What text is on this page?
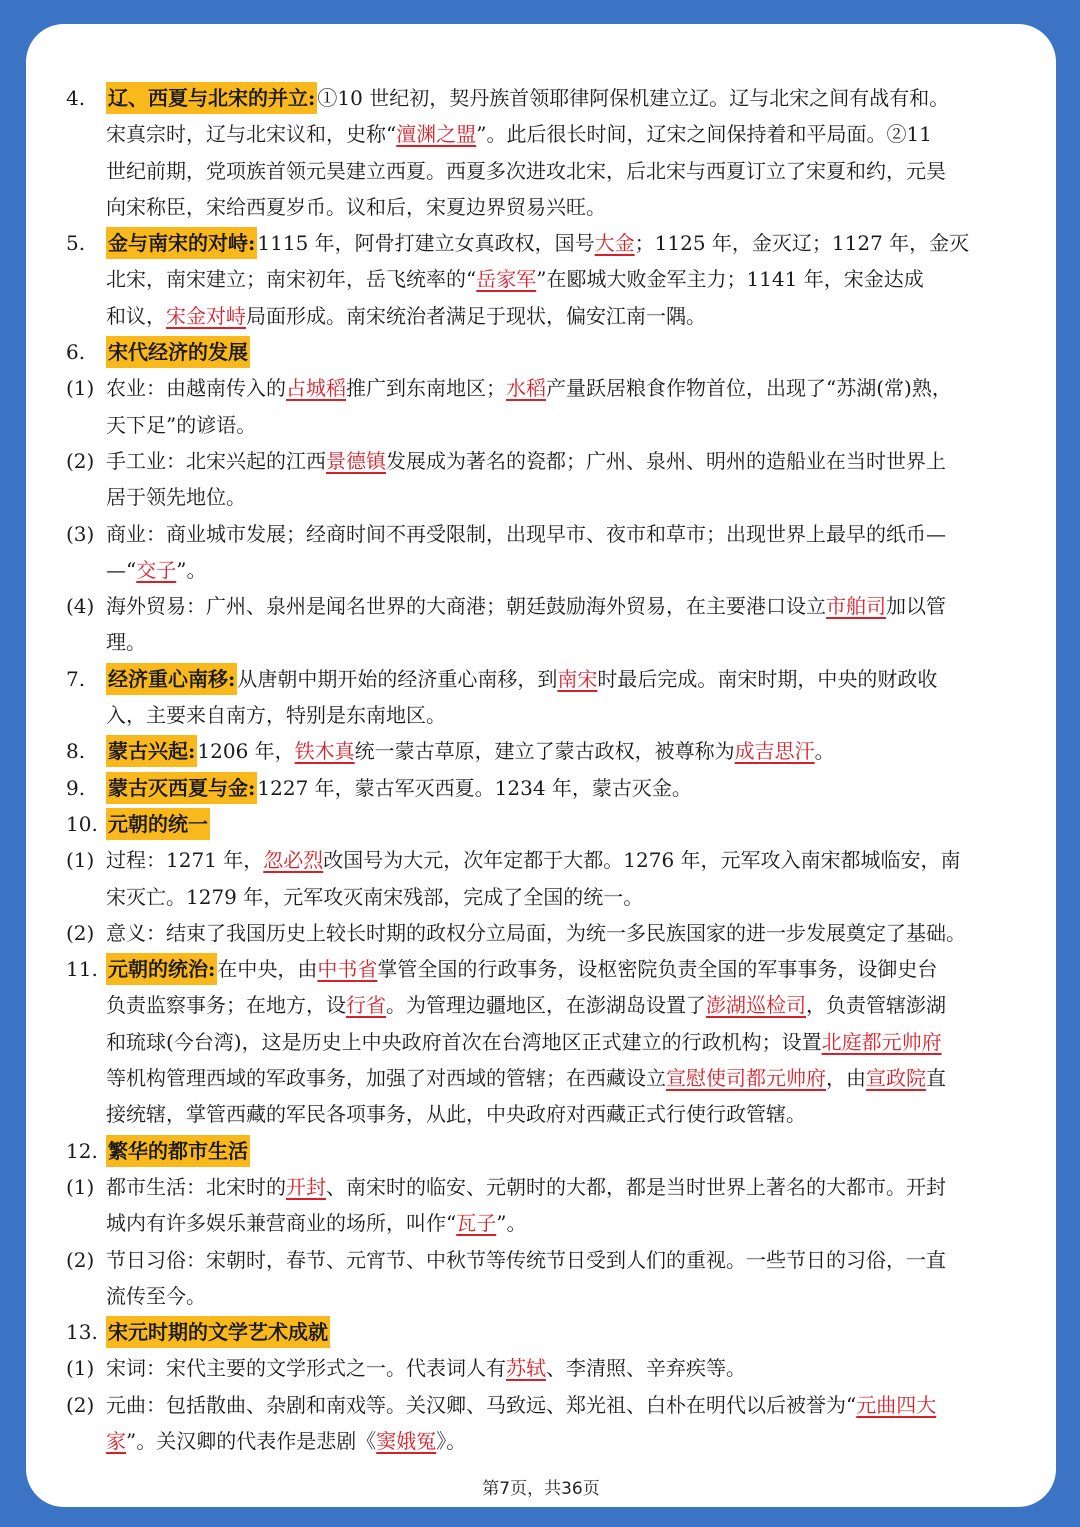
4. 辽、西夏与北宋的并立: ①10 世纪初，契丹族首领耶律阿保机建立辽。辽与北宋之间有战有和。
宋真宗时，辽与北宋议和，史称“澶渊之盟”。此后很长时间，辽宋之间保持着和平局面。②11
世纪前期，党项族首领元昊建立西夏。西夏多次进攻北宋，后北宋与西夏订立了宋夏和约，元昊
向宋称臣，宋给西夏岁币。议和后，宋夏边界贸易兴旺。
5. 金与南宋的对峙: 1115 年，阿骨打建立女真政权，国号大金；1125 年，金灭辽；1127 年，金灭
北宋，南宋建立；南宋初年，岳飞统率的“岳家军”在郾城大败金军主力；1141 年，宋金达成
和议，宋金对峙局面形成。南宋统治者满足于现状，偏安江南一隅。
6. 宋代经济的发展
(1) 农业：由越南传入的占城稻推广到东南地区；水稻产量跃居粮食作物首位，出现了“苏湖(常)熟，
天下足”的谚语。
(2) 手工业：北宋兴起的江西景德镇发展成为著名的瓷都；广州、泉州、明州的造船业在当时世界上
居于领先地位。
(3) 商业：商业城市发展；经商时间不再受限制，出现早市、夜市和草市；出现世界上最早的纸币—
—“交子”。
(4) 海外贸易：广州、泉州是闻名世界的大商港；朝廷鼓励海外贸易，在主要港口设立市舶司加以管
理。
7. 经济重心南移: 从唐朝中期开始的经济重心南移，到南宋时最后完成。南宋时期，中央的财政收
入，主要来自南方，特别是东南地区。
8. 蒙古兴起: 1206 年，铁木真统一蒙古草原，建立了蒙古政权，被尊称为成吉思汗。
9. 蒙古灭西夏与金: 1227 年，蒙古军灭西夏。1234 年，蒙古灭金。
10. 元朝的统一
(1) 过程：1271 年，忽必烈改国号为大元，次年定都于大都。1276 年，元军攻入南宋都城临安，南
宋灭亡。1279 年，元军攻灭南宋残部，完成了全国的统一。
(2) 意义：结束了我国历史上较长时期的政权分立局面，为统一多民族国家的进一步发展奠定了基础。
11. 元朝的统治: 在中央，由中书省掌管全国的行政事务，设枢密院负责全国的军事事务，设御史台
负责监察事务；在地方，设行省。为管理边疆地区，在澎湖岛设置了澎湖巡检司，负责管辖澎湖
和琉球(今台湾)，这是历史上中央政府首次在台湾地区正式建立的行政机构；设置北庭都元帅府
等机构管理西域的军政事务，加强了对西域的管辖；在西藏设立宣慰使司都元帅府，由宣政院直
接统辖，掌管西藏的军民各项事务，从此，中央政府对西藏正式行使行政管辖。
12. 繁华的都市生活
(1) 都市生活：北宋时的开封、南宋时的临安、元朝时的大都，都是当时世界上著名的大都市。开封
城内有许多娱乐兼营商业的场所，叫作“瓦子”。
(2) 节日习俗：宋朝时，春节、元宵节、中秋节等传统节日受到人们的重视。一些节日的习俗，一直
流传至今。
13. 宋元时期的文学艺术成就
(1) 宋词：宋代主要的文学形式之一。代表词人有苏轼、李清照、辛弃疾等。
(2) 元曲：包括散曲、杂剧和南戏等。关汉卿、马致远、郑光祖、白朴在明代以后被誉为“元曲四大
家”。关汉卿的代表作是悲剧《窦娥冤》。
第7页，共36页
